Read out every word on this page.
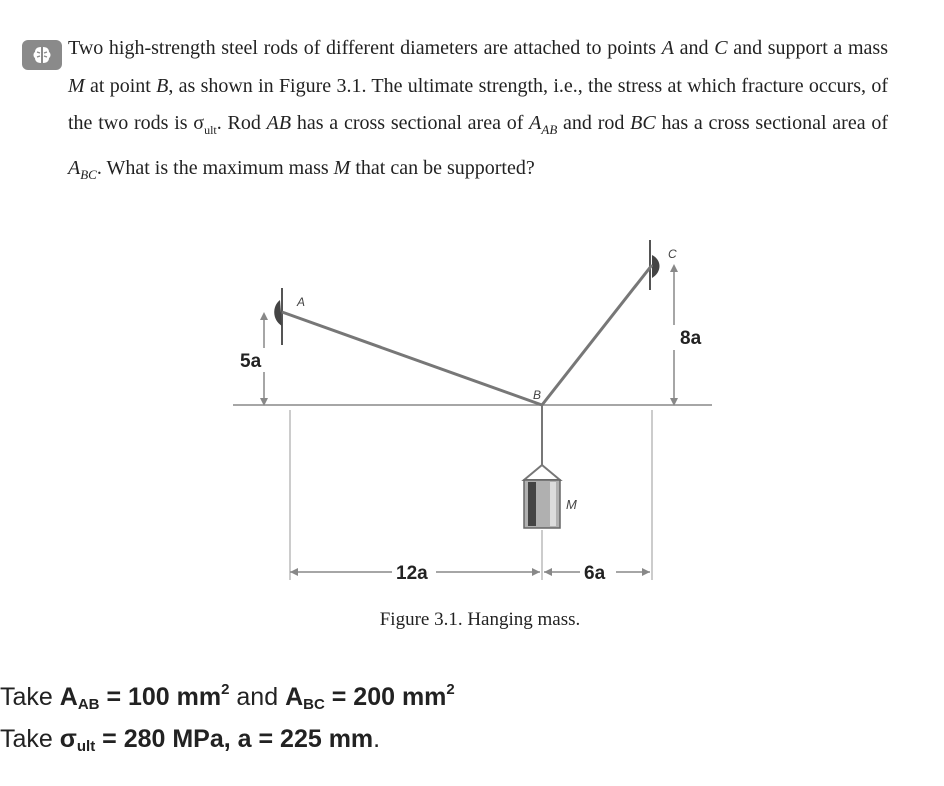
Two high-strength steel rods of different diameters are attached to points A and C and support a mass M at point B, as shown in Figure 3.1. The ultimate strength, i.e., the stress at which fracture occurs, of the two rods is $\sigma_{ult}$. Rod AB has a cross sectional area of $A_{AB}$ and rod BC has a cross sectional area of $A_{BC}$. What is the maximum mass M that can be supported?

A
B
C
M
5a
8a
12a	6a
Figure 3.1. Hanging mass.
Take $A_{AB} = 100$ $mm^2$ and $A_{BC} = 200$ $mm^2$
Take $\sigma_{ult} = 280$ MPa, a = 225 mm.
